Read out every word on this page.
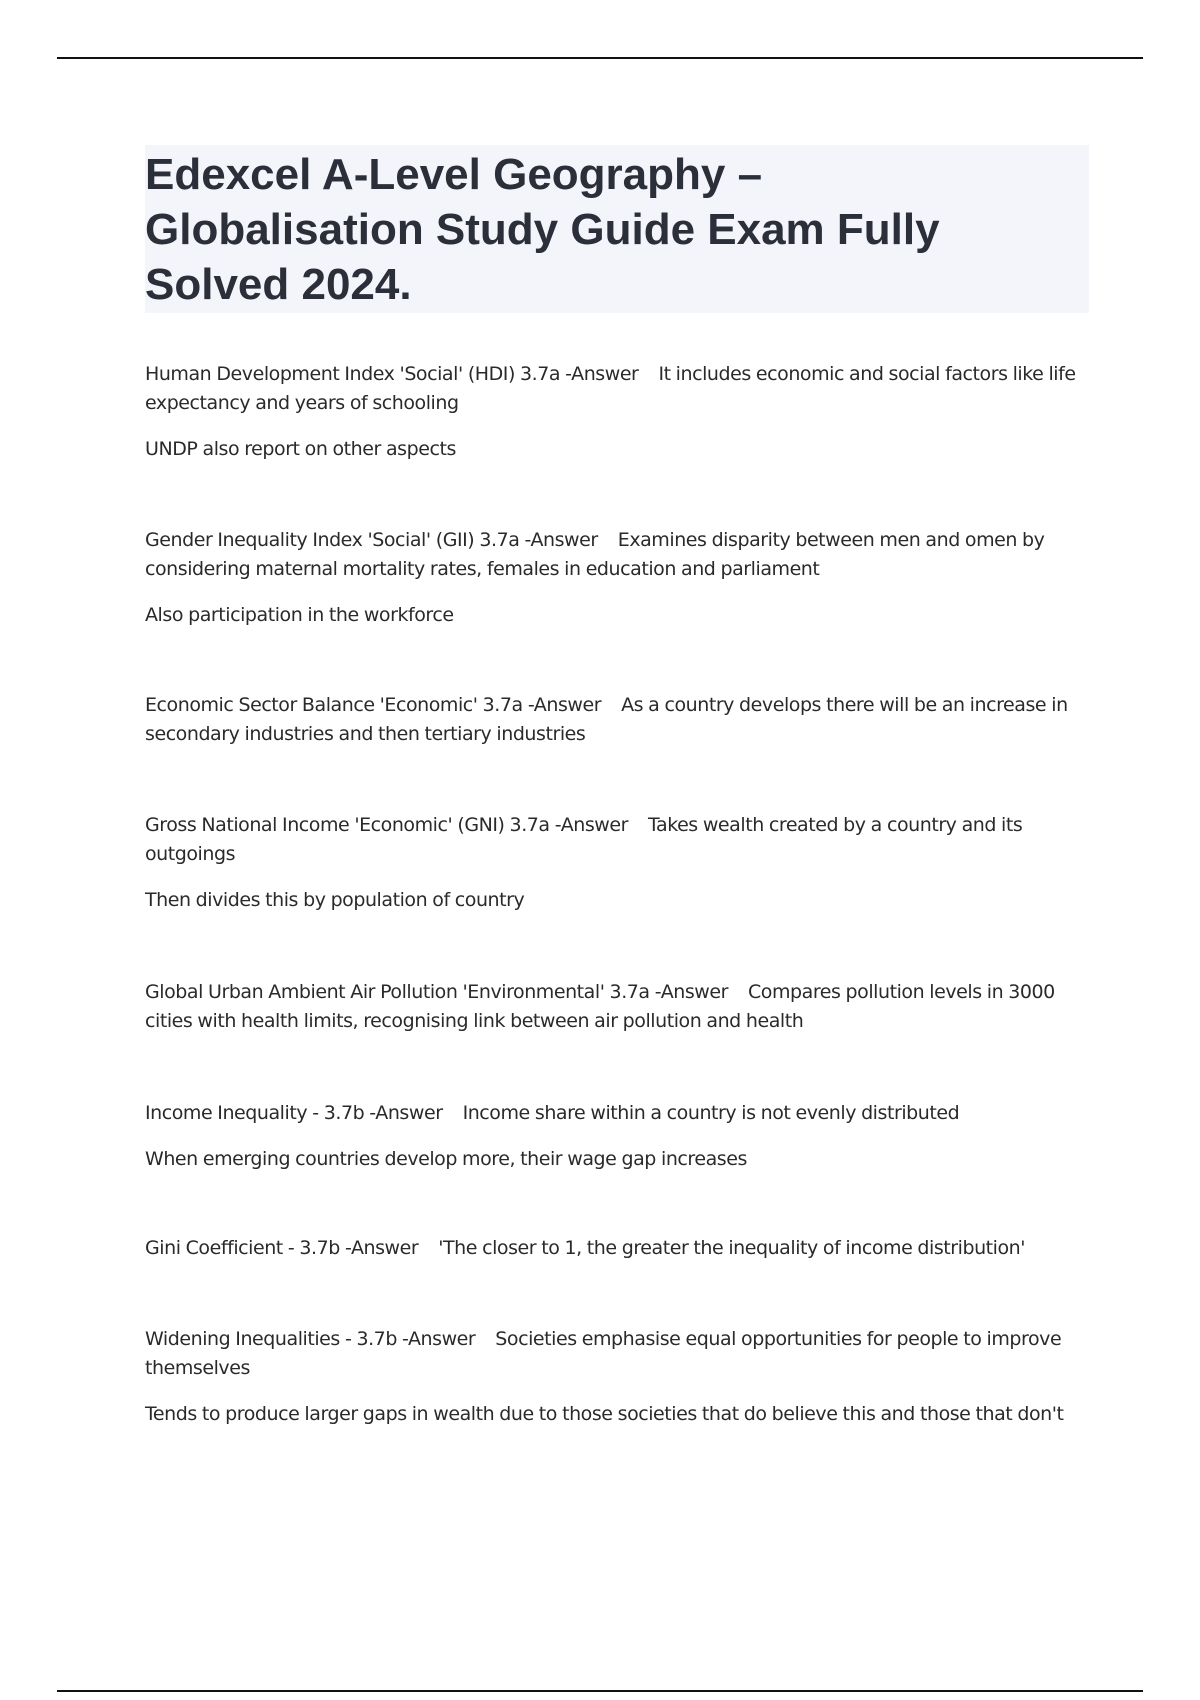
Edexcel A-Level Geography –
Globalisation Study Guide Exam Fully
Solved 2024.

Human Development Index 'Social' (HDI) 3.7a -Answer It includes economic and social factors like life expectancy and years of schooling

UNDP also report on other aspects

Gender Inequality Index 'Social' (GII) 3.7a -Answer Examines disparity between men and omen by considering maternal mortality rates, females in education and parliament

Also participation in the workforce

Economic Sector Balance 'Economic' 3.7a -Answer As a country develops there will be an increase in secondary industries and then tertiary industries

Gross National Income 'Economic' (GNI) 3.7a -Answer Takes wealth created by a country and its outgoings

Then divides this by population of country

Global Urban Ambient Air Pollution 'Environmental' 3.7a -Answer Compares pollution levels in 3000 cities with health limits, recognising link between air pollution and health

Income Inequality - 3.7b -Answer Income share within a country is not evenly distributed

When emerging countries develop more, their wage gap increases

Gini Coefficient - 3.7b -Answer 'The closer to 1, the greater the inequality of income distribution'

Widening Inequalities - 3.7b -Answer Societies emphasise equal opportunities for people to improve themselves

Tends to produce larger gaps in wealth due to those societies that do believe this and those that don't
